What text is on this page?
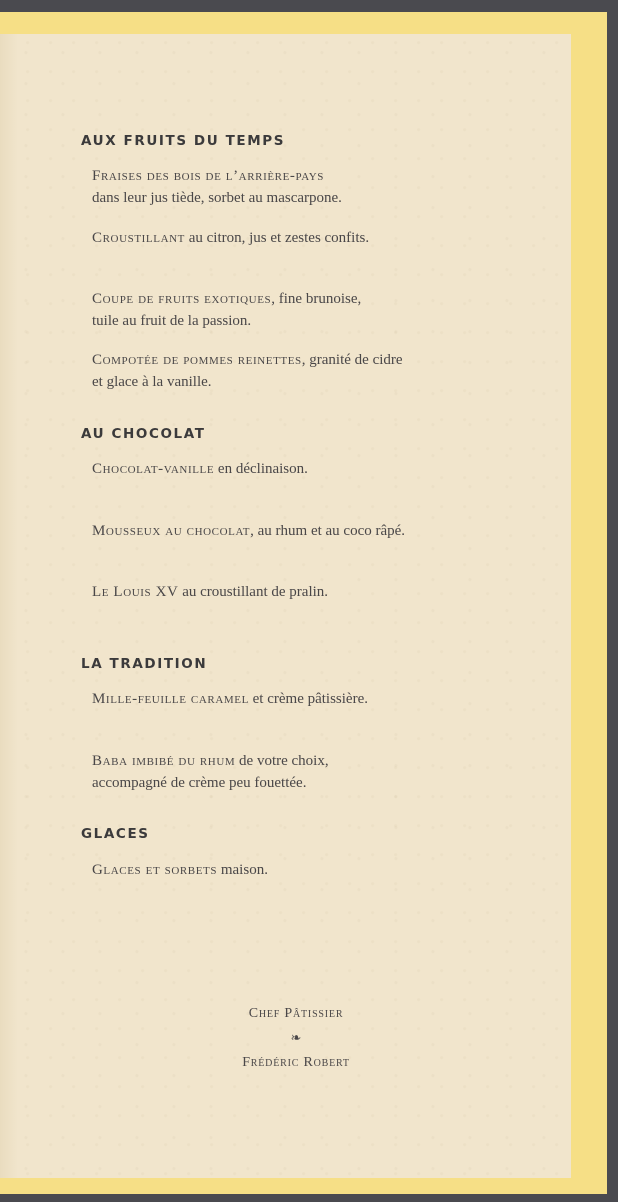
AUX FRUITS DU TEMPS
Fraises des bois de l’arrière-pays
dans leur jus tiède, sorbet au mascarpone.
Croustillant au citron, jus et zestes confits.
Coupe de fruits exotiques, fine brunoise,
tuile au fruit de la passion.
Compotée de pommes reinettes, granité de cidre
et glace à la vanille.
AU CHOCOLAT
Chocolat-vanille en déclinaison.
Mousseux au chocolat, au rhum et au coco râpé.
Le Louis XV au croustillant de pralin.
LA TRADITION
Mille-feuille caramel et crème pâtissière.
Baba imbibé du rhum de votre choix,
accompagné de crème peu fouettée.
GLACES
Glaces et sorbets maison.
Chef Pâtissier
❧
Frédéric Robert
